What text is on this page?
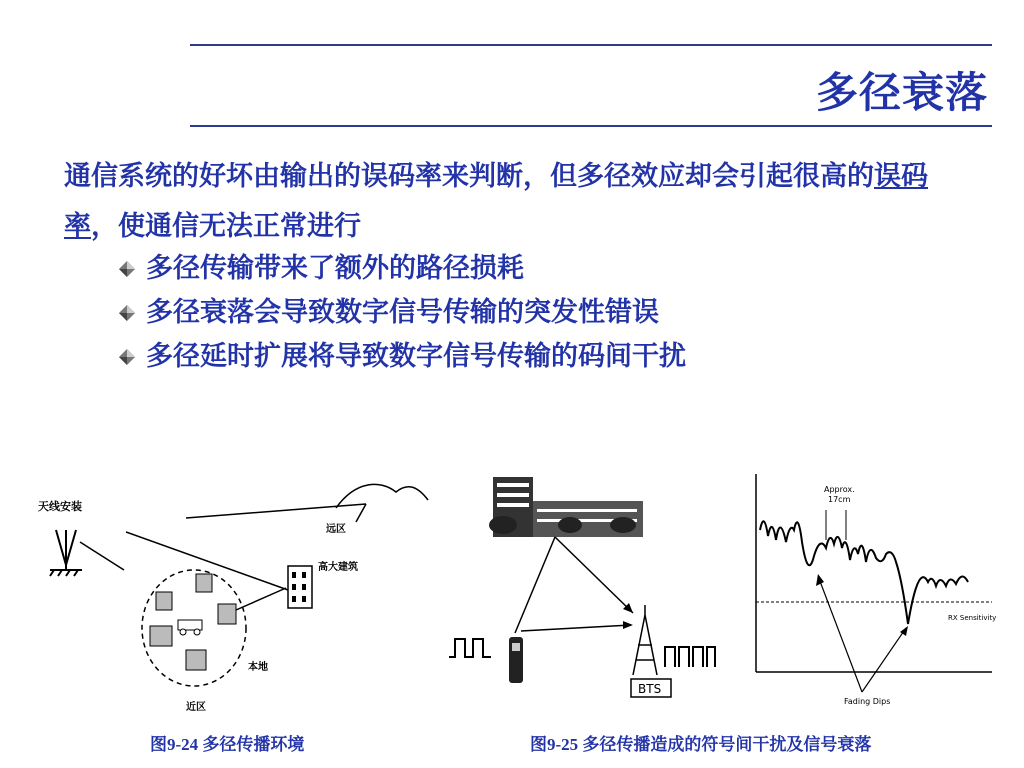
多径衰落
通信系统的好坏由输出的误码率来判断，但多径效应却会引起很高的误码率，使通信无法正常进行
多径传输带来了额外的路径损耗
多径衰落会导致数字信号传输的突发性错误
多径延时扩展将导致数字信号传输的码间干扰
天线安装
远区
高大建筑
本地
近区
图9-24 多径传播环境
BTS
Approx.
17cm
RX Sensitivity
Fading Dips
图9-25 多径传播造成的符号间干扰及信号衰落
